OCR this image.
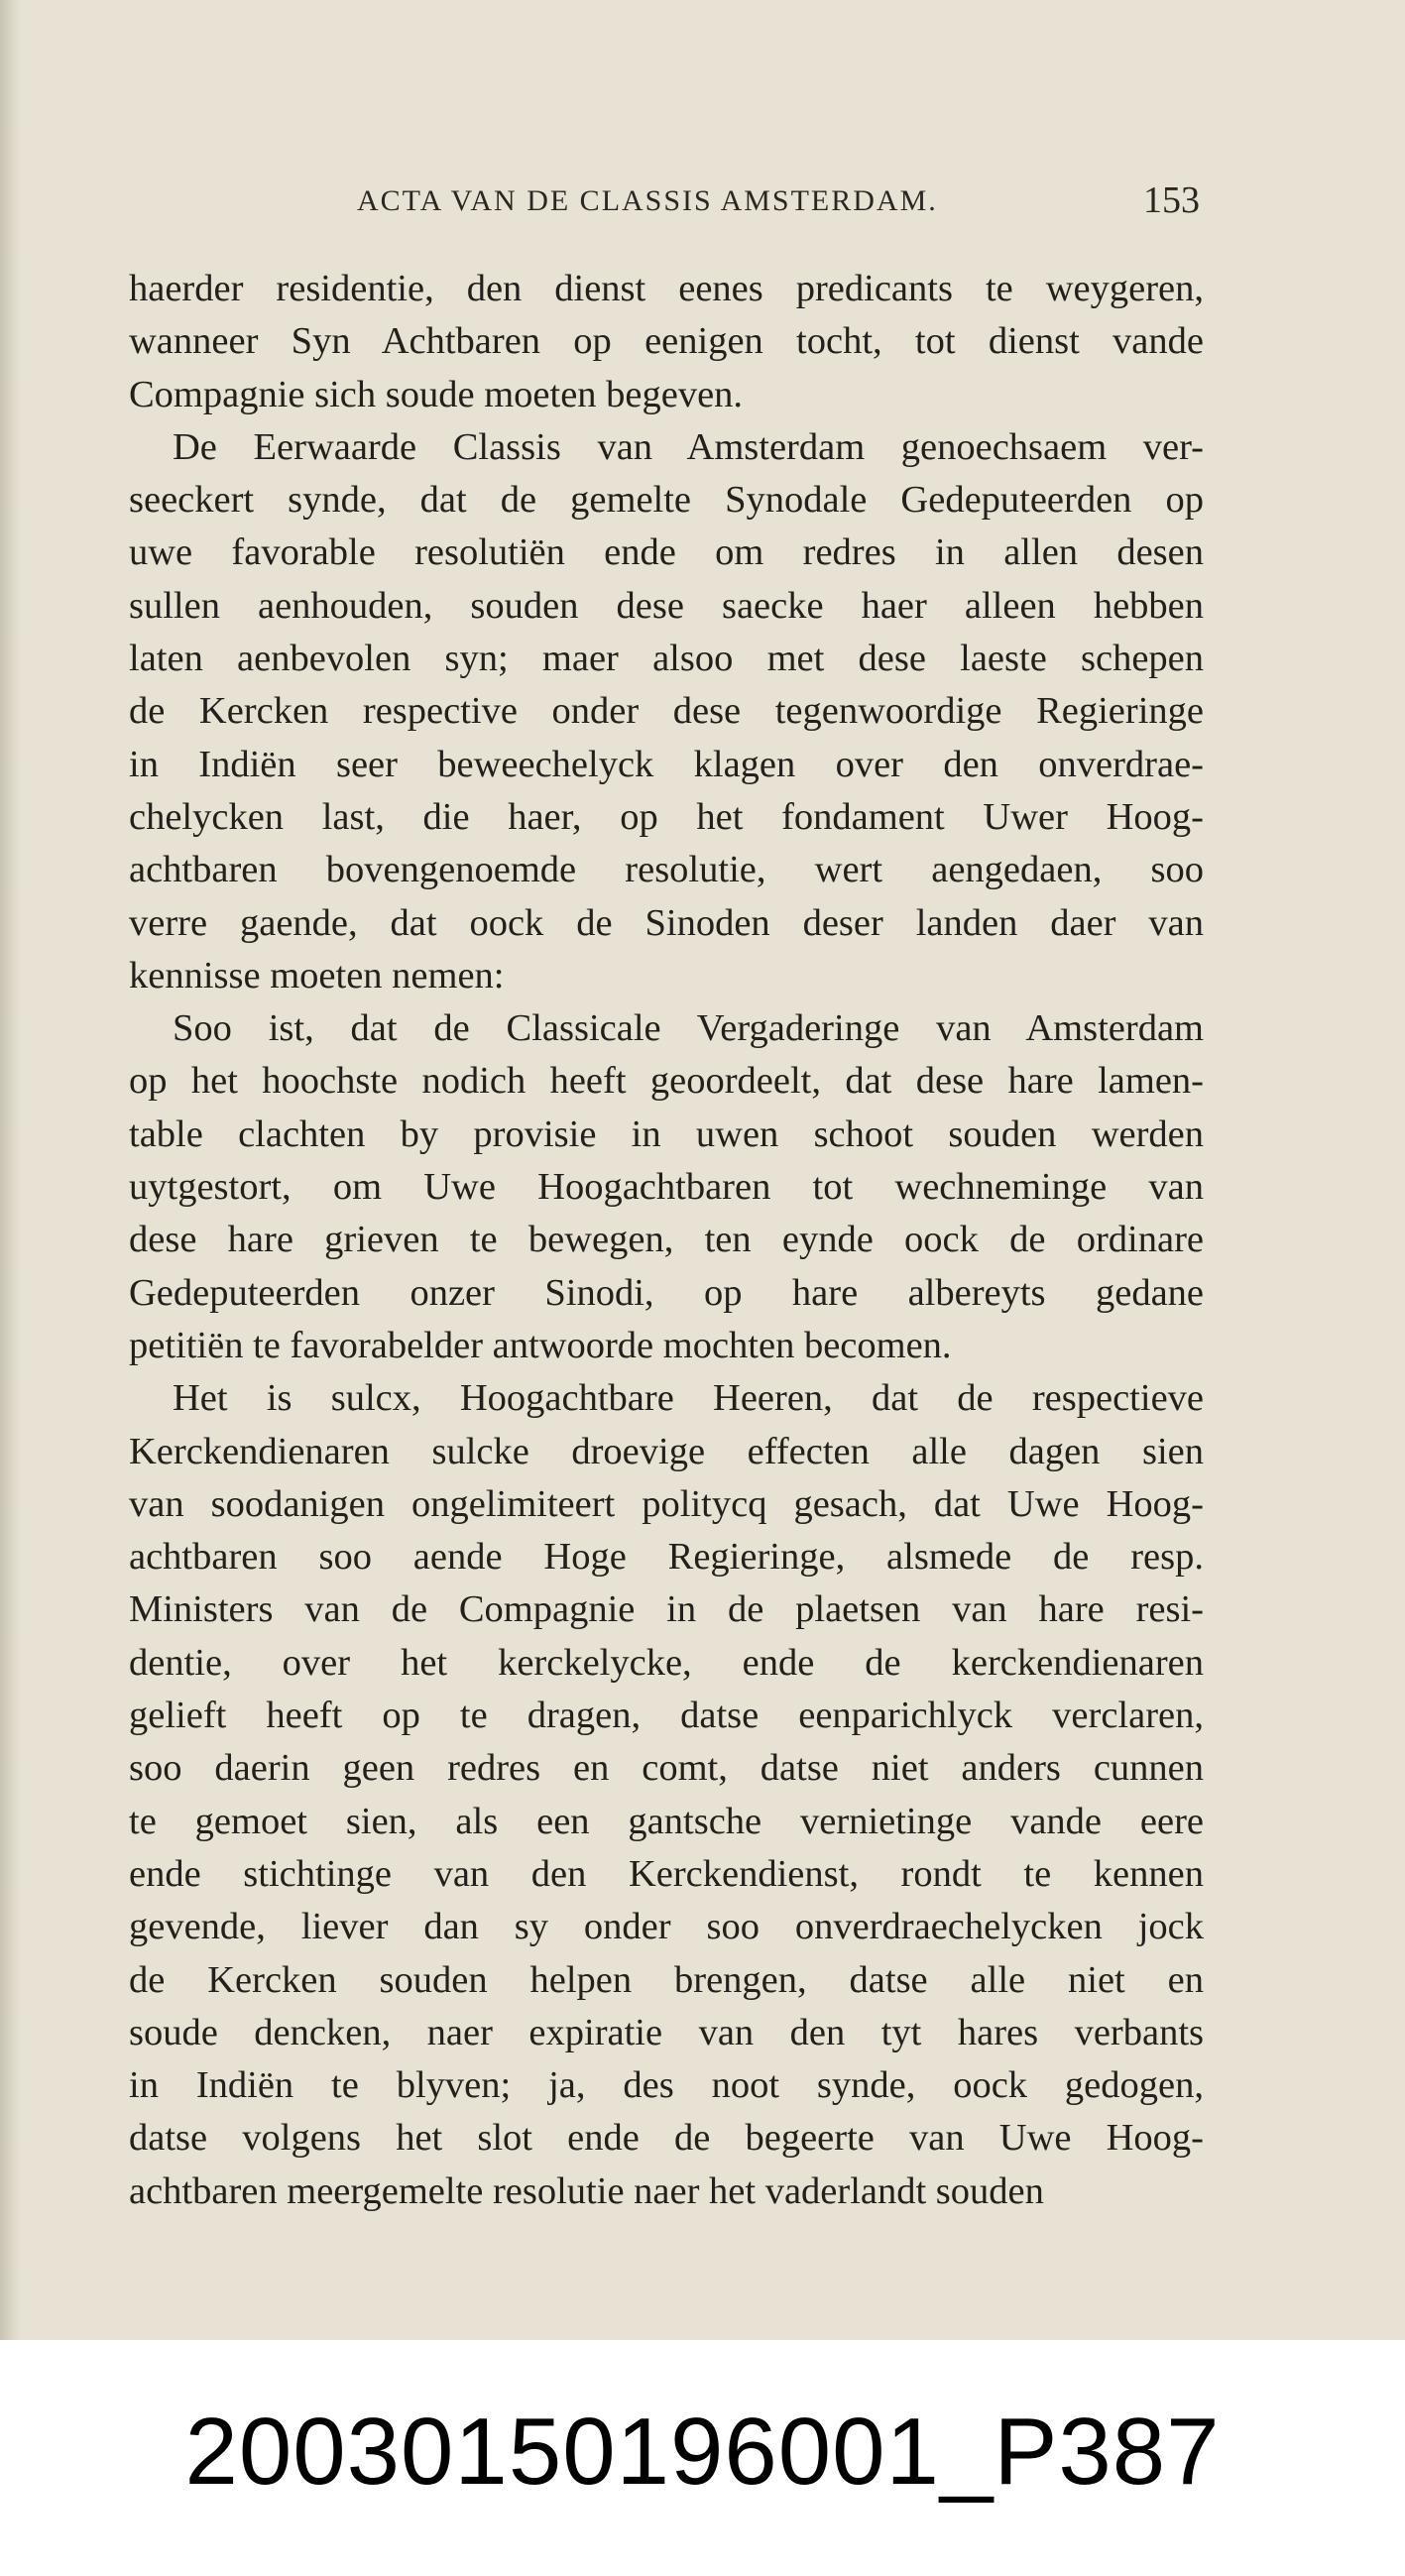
ACTA VAN DE CLASSIS AMSTERDAM.	153
haerder residentie, den dienst eenes predicants te weygeren,
wanneer Syn Achtbaren op eenigen tocht, tot dienst vande
Compagnie sich soude moeten begeven.
De Eerwaarde Classis van Amsterdam genoechsaem ver-
seeckert synde, dat de gemelte Synodale Gedeputeerden op
uwe favorable resolutiën ende om redres in allen desen
sullen aenhouden, souden dese saecke haer alleen hebben
laten aenbevolen syn; maer alsoo met dese laeste schepen
de Kercken respective onder dese tegenwoordige Regieringe
in Indiën seer beweechelyck klagen over den onverdrae-
chelycken last, die haer, op het fondament Uwer Hoog-
achtbaren bovengenoemde resolutie, wert aengedaen, soo
verre gaende, dat oock de Sinoden deser landen daer van
kennisse moeten nemen:
Soo ist, dat de Classicale Vergaderinge van Amsterdam
op het hoochste nodich heeft geoordeelt, dat dese hare lamen-
table clachten by provisie in uwen schoot souden werden
uytgestort, om Uwe Hoogachtbaren tot wechneminge van
dese hare grieven te bewegen, ten eynde oock de ordinare
Gedeputeerden onzer Sinodi, op hare albereyts gedane
petitiën te favorabelder antwoorde mochten becomen.
Het is sulcx, Hoogachtbare Heeren, dat de respectieve
Kerckendienaren sulcke droevige effecten alle dagen sien
van soodanigen ongelimiteert politycq gesach, dat Uwe Hoog-
achtbaren soo aende Hoge Regieringe, alsmede de resp.
Ministers van de Compagnie in de plaetsen van hare resi-
dentie, over het kerckelycke, ende de kerckendienaren
gelieft heeft op te dragen, datse eenparichlyck verclaren,
soo daerin geen redres en comt, datse niet anders cunnen
te gemoet sien, als een gantsche vernietinge vande eere
ende stichtinge van den Kerckendienst, rondt te kennen
gevende, liever dan sy onder soo onverdraechelycken jock
de Kercken souden helpen brengen, datse alle niet en
soude dencken, naer expiratie van den tyt hares verbants
in Indiën te blyven; ja, des noot synde, oock gedogen,
datse volgens het slot ende de begeerte van Uwe Hoog-
achtbaren meergemelte resolutie naer het vaderlandt souden
20030150196001_P387
